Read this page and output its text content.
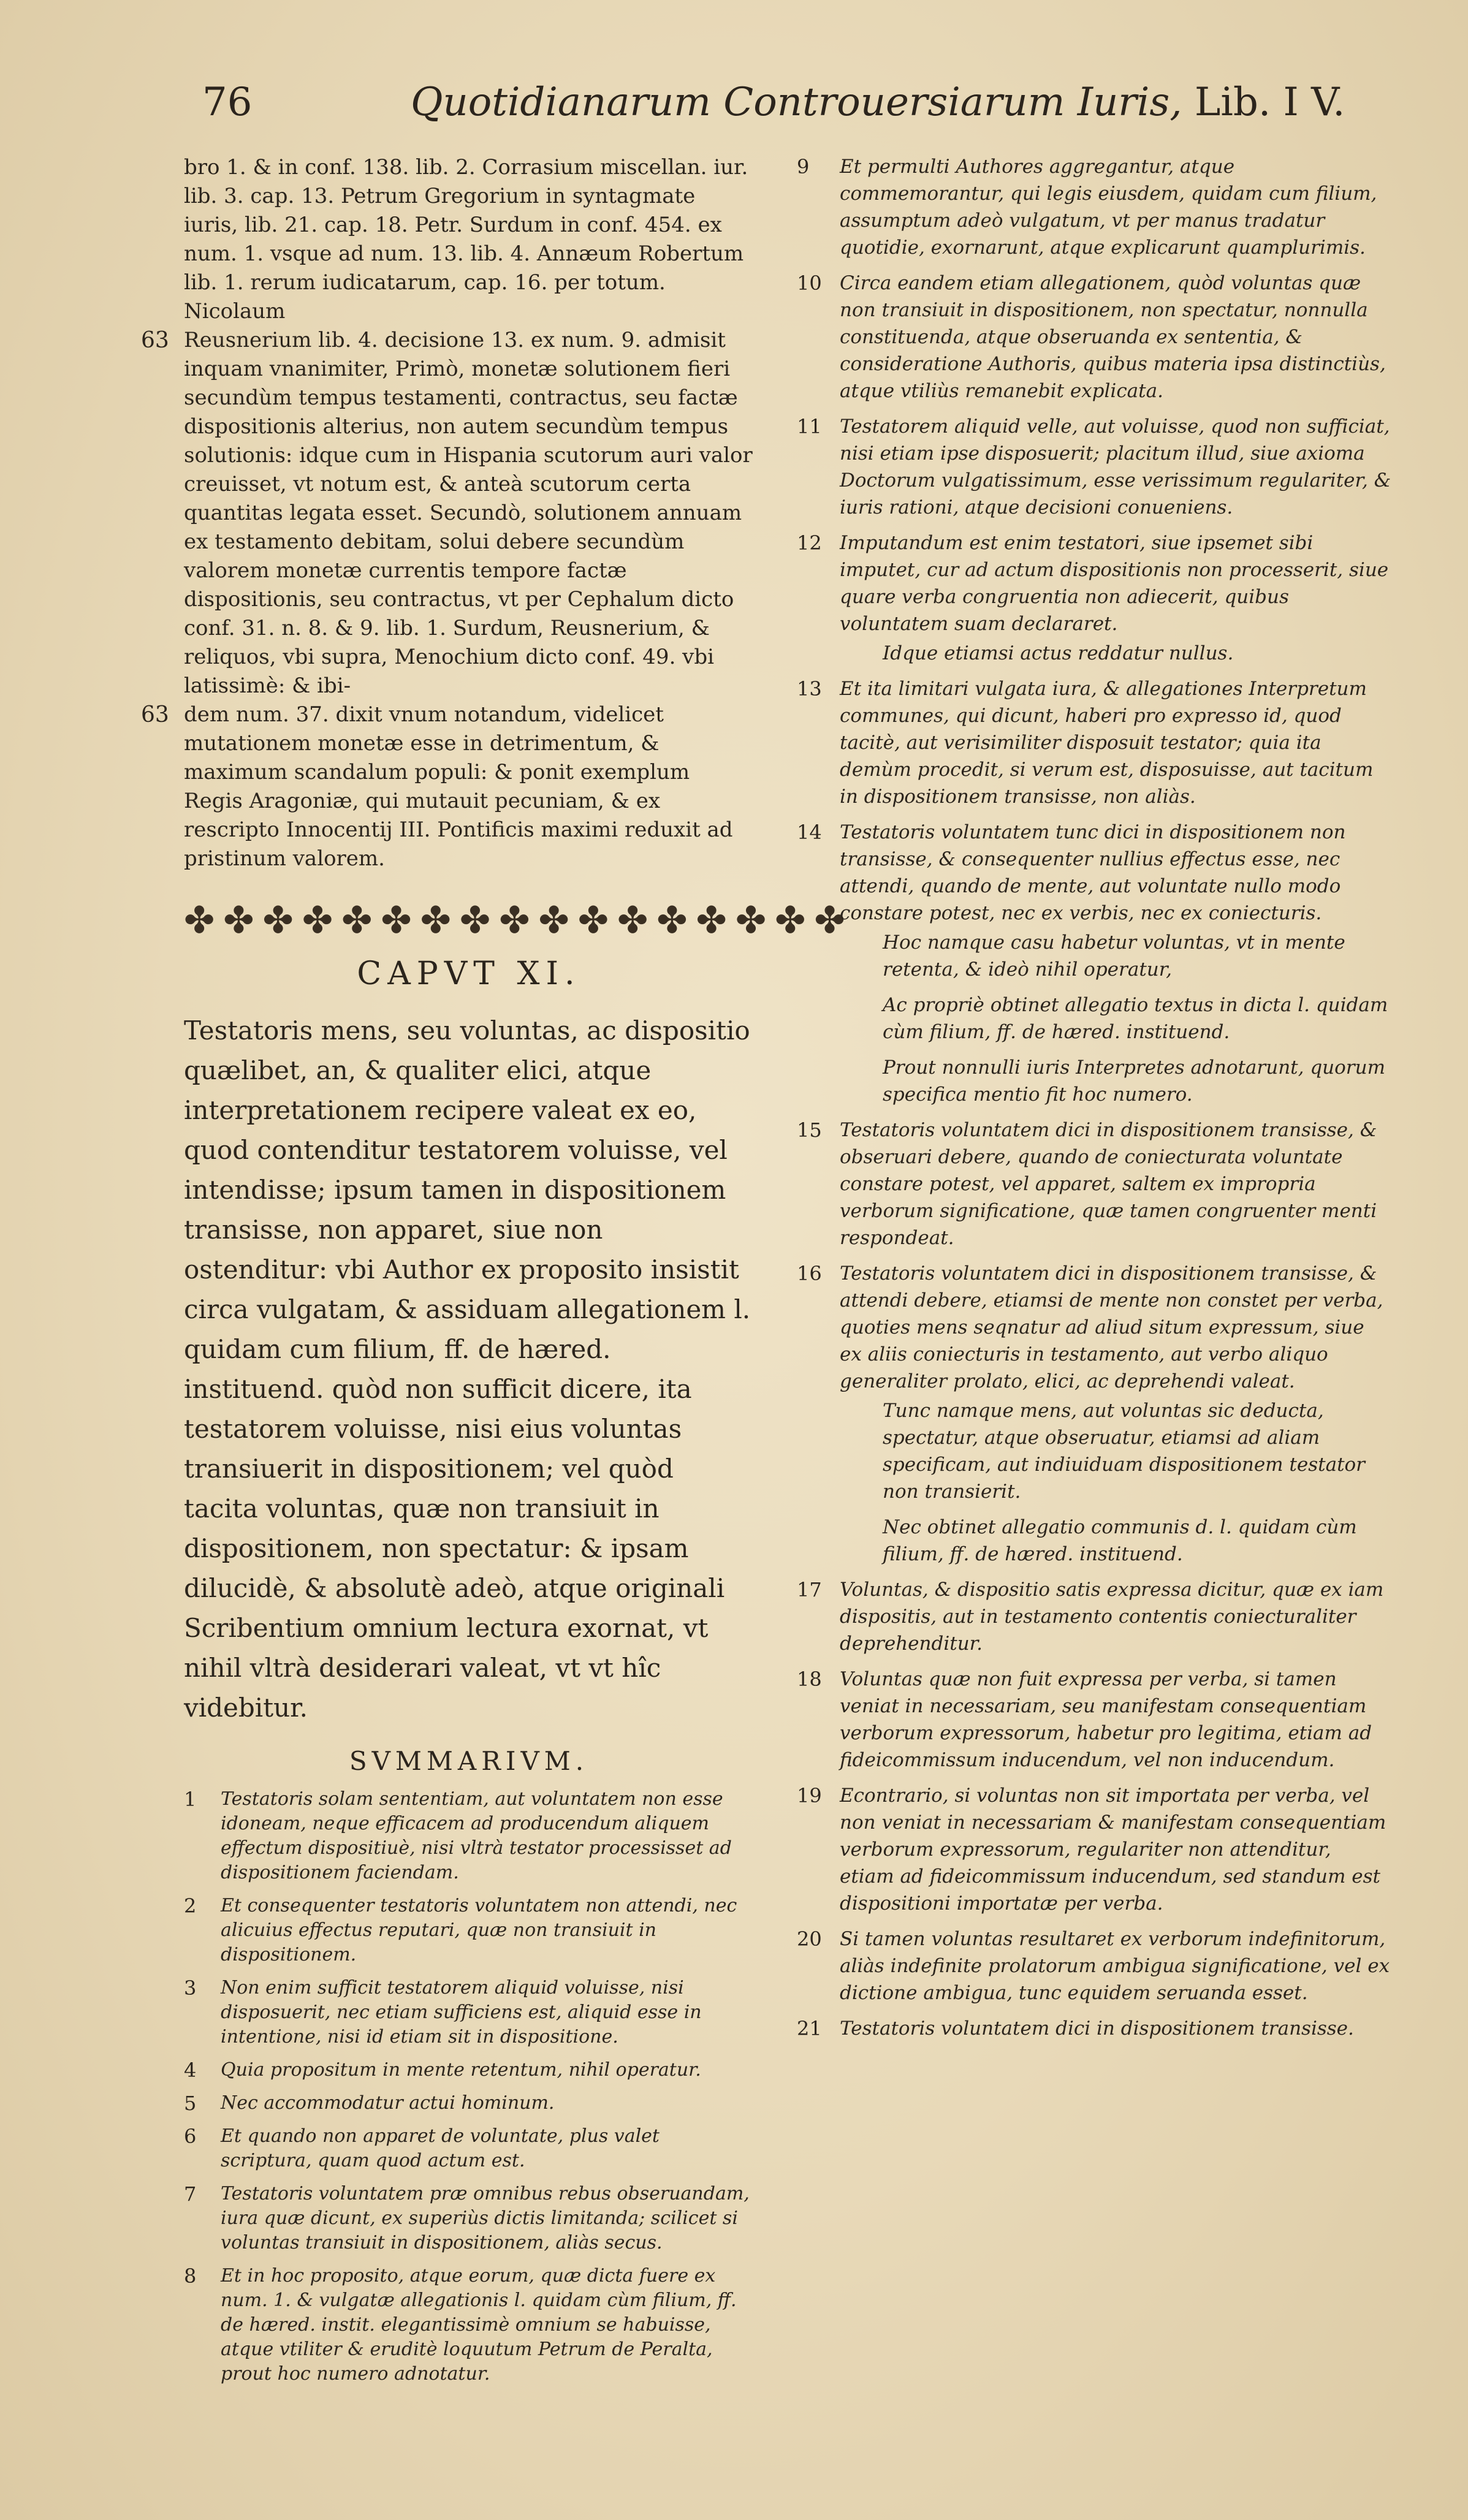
76	Quotidianarum Controuersiarum Iuris, Lib. I V.
bro 1. & in conf. 138. lib. 2. Corrasium miscellan. iur. lib. 3. cap. 13. Petrum Gregorium in syntagmate iuris, lib. 21. cap. 18. Petr. Surdum in conf. 454. ex num. 1. vsque ad num. 13. lib. 4. Annæum Robertum lib. 1. rerum iudicatarum, cap. 16. per totum. Nicolaum
63 Reusnerium lib. 4. decisione 13. ex num. 9. admisit inquam vnanimiter, Primò, monetæ solutionem fieri secundùm tempus testamenti, contractus, seu factæ dispositionis alterius, non autem secundùm tempus solutionis: idque cum in Hispania scutorum auri valor creuisset, vt notum est, & anteà scutorum certa quantitas legata esset. Secundò, solutionem annuam ex testamento debitam, solui debere secundùm valorem monetæ currentis tempore factæ dispositionis, seu contractus, vt per Cephalum dicto conf. 31. n. 8. & 9. lib. 1. Surdum, Reusnerium, & reliquos, vbi supra, Menochium dicto conf. 49. vbi latissimè: & ibi-
63 dem num. 37. dixit vnum notandum, videlicet mutationem monetæ esse in detrimentum, & maximum scandalum populi: & ponit exemplum Regis Aragoniæ, qui mutauit pecuniam, & ex rescripto Innocentij III. Pontificis maximi reduxit ad pristinum valorem.
✤✤✤✤✤✤✤✤✤✤✤✤✤✤✤✤✤
CAPVT XI.
Testatoris mens, seu voluntas, ac dispositio quælibet, an, & qualiter elici, atque interpretationem recipere valeat ex eo, quod contenditur testatorem voluisse, vel intendisse; ipsum tamen in dispositionem transisse, non apparet, siue non ostenditur: vbi Author ex proposito insistit circa vulgatam, & assiduam allegationem l. quidam cum filium, ff. de hæred. instituend. quòd non sufficit dicere, ita testatorem voluisse, nisi eius voluntas transiuerit in dispositionem; vel quòd tacita voluntas, quæ non transiuit in dispositionem, non spectatur: & ipsam dilucidè, & absolutè adeò, atque originali Scribentium omnium lectura exornat, vt nihil vltrà desiderari valeat, vt vt hîc videbitur.
SVMMARIVM.
1 Testatoris solam sententiam, aut voluntatem non esse idoneam, neque efficacem ad producendum aliquem effectum dispositiuè, nisi vltrà testator processisset ad dispositionem faciendam.
2 Et consequenter testatoris voluntatem non attendi, nec alicuius effectus reputari, quæ non transiuit in dispositionem.
3 Non enim sufficit testatorem aliquid voluisse, nisi disposuerit, nec etiam sufficiens est, aliquid esse in intentione, nisi id etiam sit in dispositione.
4 Quia propositum in mente retentum, nihil operatur.
5 Nec accommodatur actui hominum.
6 Et quando non apparet de voluntate, plus valet scriptura, quam quod actum est.
7 Testatoris voluntatem præ omnibus rebus obseruandam, iura quæ dicunt, ex superiùs dictis limitanda; scilicet si voluntas transiuit in dispositionem, aliàs secus.
8 Et in hoc proposito, atque eorum, quæ dicta fuere ex num. 1. & vulgatæ allegationis l. quidam cùm filium, ff. de hæred. instit. elegantissimè omnium se habuisse, atque vtiliter & eruditè loquutum Petrum de Peralta, prout hoc numero adnotatur.
9 Et permulti Authores aggregantur, atque commemorantur, qui legis eiusdem, quidam cum filium, assumptum adeò vulgatum, vt per manus tradatur quotidie, exornarunt, atque explicarunt quamplurimis.
10 Circa eandem etiam allegationem, quòd voluntas quæ non transiuit in dispositionem, non spectatur, nonnulla constituenda, atque obseruanda ex sententia, & consideratione Authoris, quibus materia ipsa distinctiùs, atque vtiliùs remanebit explicata.
11 Testatorem aliquid velle, aut voluisse, quod non sufficiat, nisi etiam ipse disposuerit; placitum illud, siue axioma Doctorum vulgatissimum, esse verissimum regulariter, & iuris rationi, atque decisioni conueniens.
12 Imputandum est enim testatori, siue ipsemet sibi imputet, cur ad actum dispositionis non processerit, siue quare verba congruentia non adiecerit, quibus voluntatem suam declararet.
Idque etiamsi actus reddatur nullus.
13 Et ita limitari vulgata iura, & allegationes Interpretum communes, qui dicunt, haberi pro expresso id, quod tacitè, aut verisimiliter disposuit testator; quia ita demùm procedit, si verum est, disposuisse, aut tacitum in dispositionem transisse, non aliàs.
14 Testatoris voluntatem tunc dici in dispositionem non transisse, & consequenter nullius effectus esse, nec attendi, quando de mente, aut voluntate nullo modo constare potest, nec ex verbis, nec ex coniecturis.
Hoc namque casu habetur voluntas, vt in mente retenta, & ideò nihil operatur,
Ac propriè obtinet allegatio textus in dicta l. quidam cùm filium, ff. de hæred. instituend.
Prout nonnulli iuris Interpretes adnotarunt, quorum specifica mentio fit hoc numero.
15 Testatoris voluntatem dici in dispositionem transisse, & obseruari debere, quando de coniecturata voluntate constare potest, vel apparet, saltem ex impropria verborum significatione, quæ tamen congruenter menti respondeat.
16 Testatoris voluntatem dici in dispositionem transisse, & attendi debere, etiamsi de mente non constet per verba, quoties mens seqnatur ad aliud situm expressum, siue ex aliis coniecturis in testamento, aut verbo aliquo generaliter prolato, elici, ac deprehendi valeat.
Tunc namque mens, aut voluntas sic deducta, spectatur, atque obseruatur, etiamsi ad aliam specificam, aut indiuiduam dispositionem testator non transierit.
Nec obtinet allegatio communis d. l. quidam cùm filium, ff. de hæred. instituend.
17 Voluntas, & dispositio satis expressa dicitur, quæ ex iam dispositis, aut in testamento contentis coniecturaliter deprehenditur.
18 Voluntas quæ non fuit expressa per verba, si tamen veniat in necessariam, seu manifestam consequentiam verborum expressorum, habetur pro legitima, etiam ad fideicommissum inducendum, vel non inducendum.
19 Econtrario, si voluntas non sit importata per verba, vel non veniat in necessariam & manifestam consequentiam verborum expressorum, regulariter non attenditur, etiam ad fideicommissum inducendum, sed standum est dispositioni importatæ per verba.
20 Si tamen voluntas resultaret ex verborum indefinitorum, aliàs indefinite prolatorum ambigua significatione, vel ex dictione ambigua, tunc equidem seruanda esset.
21 Testatoris voluntatem dici in dispositionem transisse.
